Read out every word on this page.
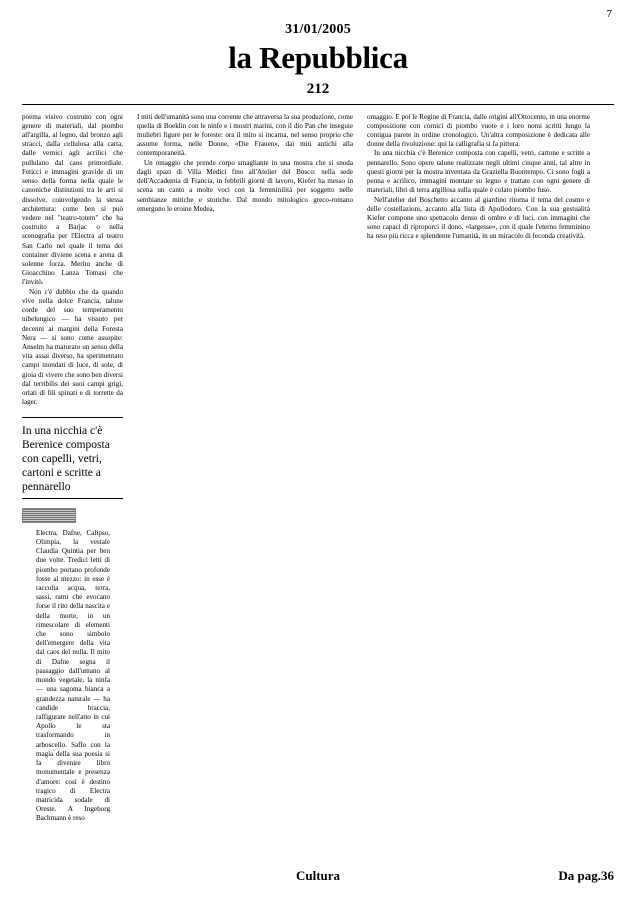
7
31/01/2005
la Repubblica
212

poema visivo costruito con ogni genere di materiali, dal piombo all'argilla, al legno, dal bronzo agli stracci, dalla cellulosa alla carta, dalle vernici agli acrilici che pullulano dal caos primordiale. Feticci e immagini gravide di un senso della forma nella quale le canoniche distinzioni tra le arti si dissolve, coinvolgendo la stessa architettura: come ben si può vedere nel "teatro-totem" che ha costruito a Barjac o nella scenografia per l'Electra al teatro San Carlo nel quale il tema dei container diviene scena e arena di solenne forza. Merito anche di Gioacchino Lanza Tomasi che l'invitò.

Non c'è dubbio che da quando vive nella dolce Francia, talune corde del suo temperamento nibelungico — ha vissuto per decenni ai margini della Foresta Nera — si sono come assopite: Anselm ha maturato un senso della vita assai diverso, ha sperimentato campi inondati di luce, di sole, di gioia di vivere che sono ben diversi dal terribilis dei suoi campi grigi, orlati di fili spinati e di torrette da lager.

In una nicchia c'è Berenice composta con capelli, vetri, cartoni e scritte a pennarello

Electra, Dafne, Calipso, Olimpia, la vestale Claudia Quintia per ben due volte. Tredici letti di piombo portano profonde fosse al mezzo: in esse è raccolta acqua, terra, sassi, rami che evocano forse il rito della nascita e della morte, in un rimescolare di elementi che sono simbolo dell'emergere della vita dal caos del nulla. Il mito di Dafne segna il passaggio dall'umano al mondo vegetale, la ninfa — una sagoma bianca a grandezza naturale — ha candide braccia, raffigurate nell'atto in cui Apollo le sta trasformando in arboscello. Saffo con la magia della sua poesia si fa divenire libro monumentale e presenza d'amore: così è destino tragico di Electra matricida sodale di Oreste. A Ingeborg Bachmann è reso

I miti dell'umanità sono una corrente che attraversa la sua produzione, come quella di Boeklin con le ninfe e i mostri marini, con il dio Pan che inseguie muliebri figure per le foreste: ora il mito si incarna, nel senso proprio che assume forma, nelle Donne, «Die Frauen», dai miti antichi alla contemporaneità.

Un omaggio che prende corpo smagliante in una mostra che si snoda dagli spazi di Villa Medici fino all'Atelier del Bosco: nella sede dell'Accademia di Francia, in febbrili giorni di lavoro, Kiefer ha messo in scena un canto a molte voci con la femminilità per soggetto nelle sembianze mitiche e storiche. Dal mondo mitologico greco-romano emergono le eroine Medea,

omaggio. E poi le Regine di Francia, dalle origini all'Ottocento, in una enorme composizione con cornici di piombo vuote e i loro nomi scritti lungo la contigua parete in ordine cronologico. Un'altra composizione è dedicata alle donne della rivoluzione: qui la calligrafia si fa pittura.

In una nicchia c'è Berenice composta con capelli, vetri, cartone e scritte a pennarello. Sono opere talune realizzate negli ultimi cinque anni, tal altre in questi giorni per la mostra inventata da Graziella Buontempo. Ci sono fogli a penna e acrilico, immagini montate su legno e trattate con ogni genere di materiali, libri di terra argillosa sulla quale è colato piombo fuso.

Nell'atelier del Boschetto accanto al giardino ritorna il tema del cosmo e delle costellazioni, accanto alla lista di Apollodoro. Con la sua gestualità Kiefer compone uno spettacolo denso di ombre e di luci, con immagini che sono capaci di riproporci il dono, «largesse», con il quale l'eterno femminino ha reso più ricca e splendente l'umanità, in un miracolo di feconda creatività.

Cultura	Da pag.36
